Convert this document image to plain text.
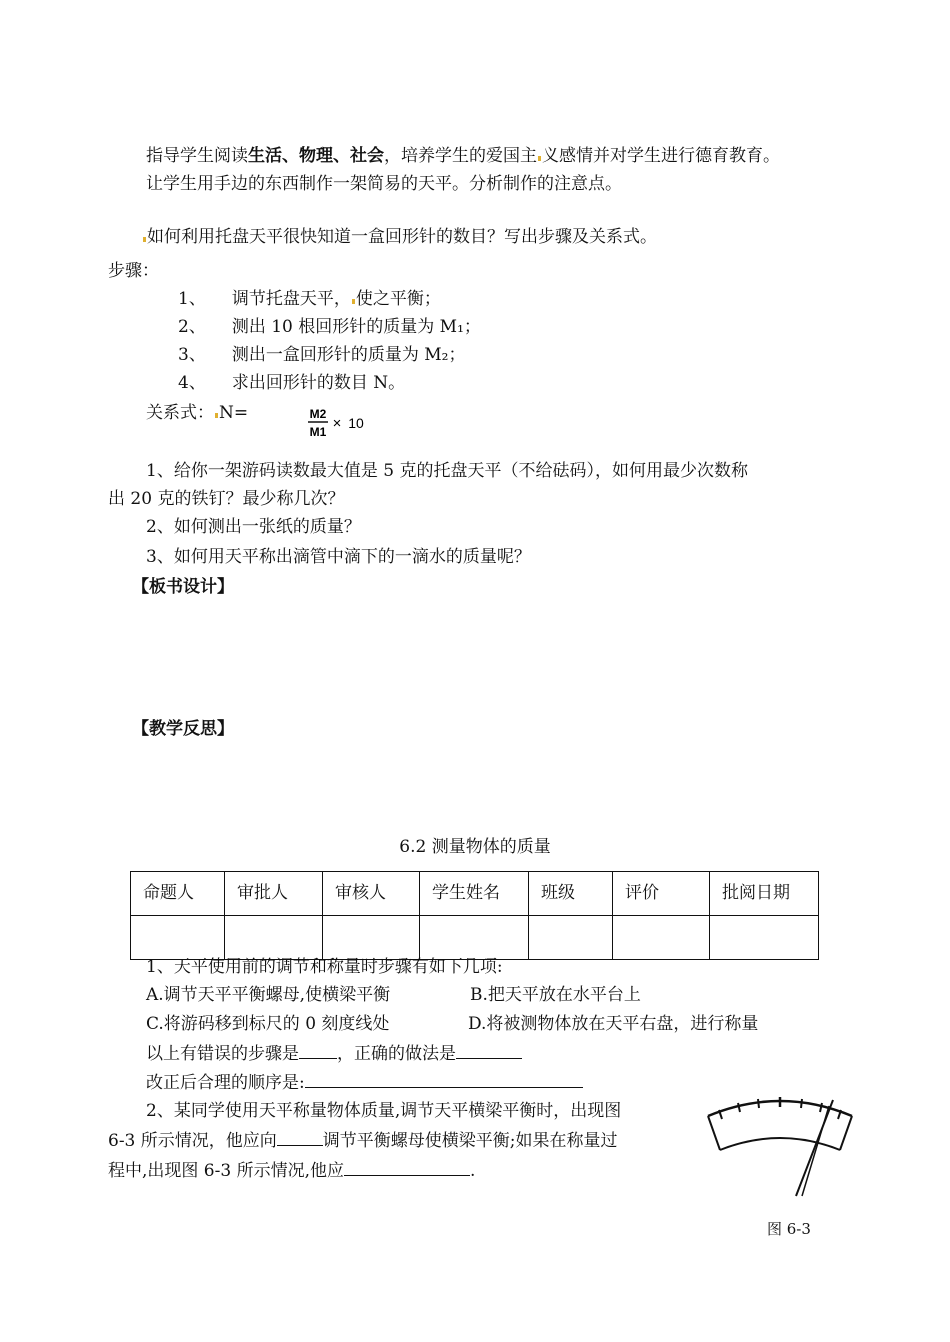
指导学生阅读生活、物理、社会，培养学生的爱国主 义感情并对学生进行德育教育。
让学生用手边的东西制作一架简易的天平。分析制作的注意点。
如何利用托盘天平很快知道一盒回形针的数目？写出步骤及关系式。
步骤：
1、 调节托盘天平， 使之平衡；
2、 测出 10 根回形针的质量为 M₁；
3、 测出一盒回形针的质量为 M₂；
4、 求出回形针的数目 N。
关系式： N=	M2
M1 × 10
1、给你一架游码读数最大值是 5 克的托盘天平（不给砝码），如何用最少次数称
出 20 克的铁钉？最少称几次？
2、如何测出一张纸的质量？
3、如何用天平称出滴管中滴下的一滴水的质量呢？
【板书设计】
【教学反思】
6.2 测量物体的质量
命题人	审批人	审核人	学生姓名	班级	评价	批阅日期

1、天平使用前的调节和称量时步骤有如下几项:
A.调节天平平衡螺母,使横梁平衡	B.把天平放在水平台上
C.将游码移到标尺的 0 刻度线处	D.将被测物体放在天平右盘，进行称量
以上有错误的步骤是 ，正确的做法是
改正后合理的顺序是:
2、某同学使用天平称量物体质量,调节天平横梁平衡时，出现图
6-3 所示情况，他应向	调节平衡螺母使横梁平衡;如果在称量过
程中,出现图 6-3 所示情况,他应	.
图 6-3
